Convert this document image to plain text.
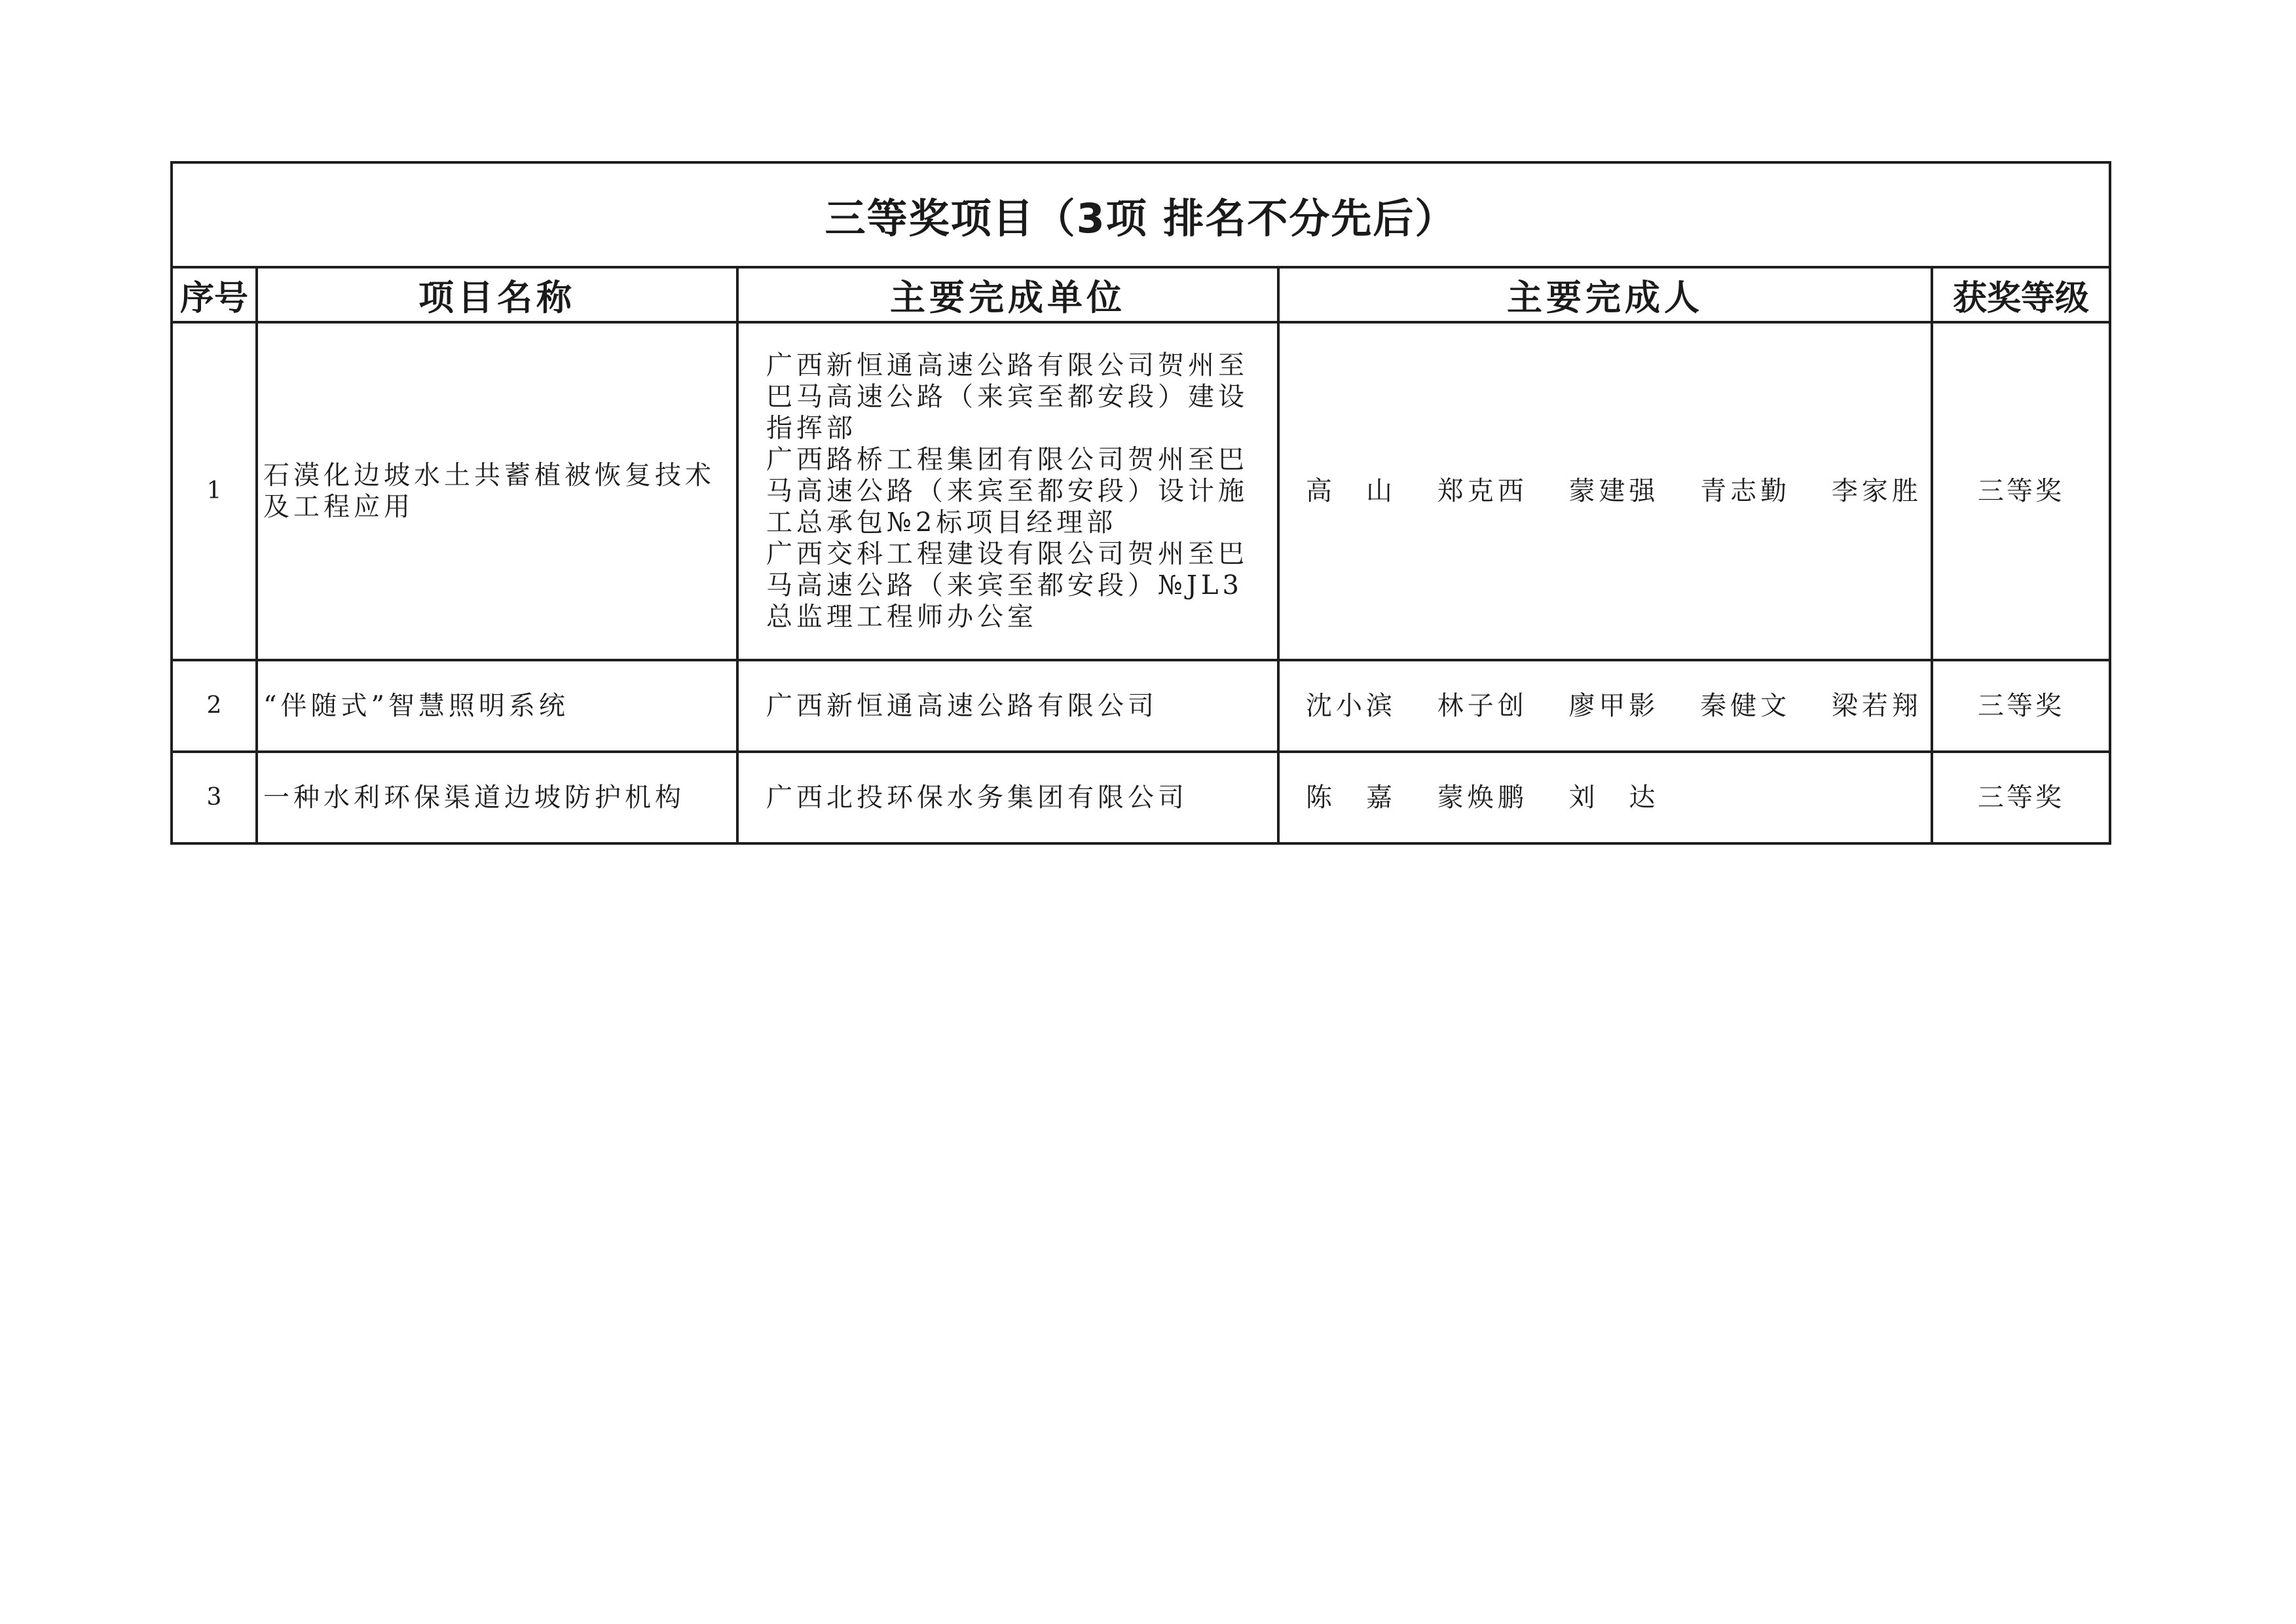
三等奖项目（3项 排名不分先后）				
序号	项目名称	主要完成单位	主要完成人	获奖等级
1	石漠化边坡水土共蓄植被恢复技术及工程应用	广西新恒通高速公路有限公司贺州至巴马高速公路（来宾至都安段）建设指挥部
广西路桥工程集团有限公司贺州至巴马高速公路（来宾至都安段）设计施工总承包№2标项目经理部
广西交科工程建设有限公司贺州至巴马高速公路（来宾至都安段）№JL3总监理工程师办公室	高　山 郑克西 蒙建强 青志勤 李家胜	三等奖
2	“伴随式”智慧照明系统	广西新恒通高速公路有限公司	沈小滨 林子创 廖甲影 秦健文 梁若翔	三等奖
3	一种水利环保渠道边坡防护机构	广西北投环保水务集团有限公司	陈　嘉 蒙焕鹏 刘　达	三等奖
